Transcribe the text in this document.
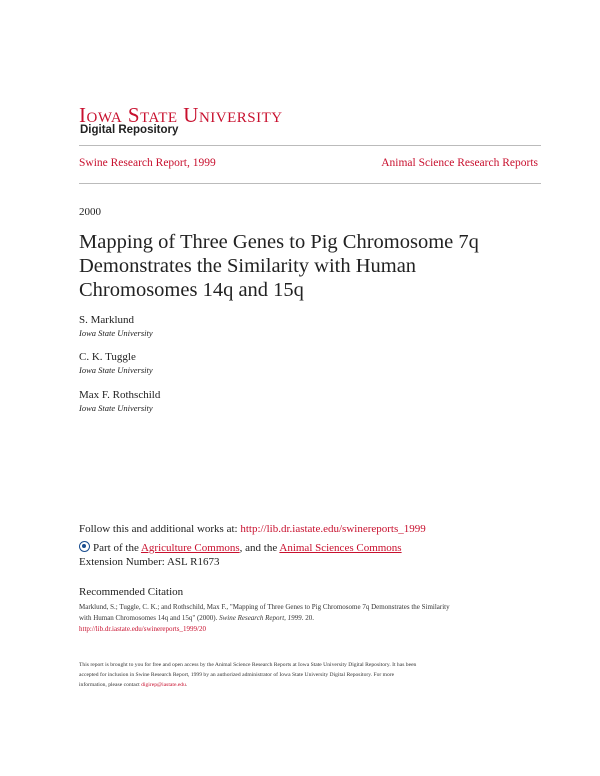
Iowa State University
Digital Repository
Swine Research Report, 1999	Animal Science Research Reports
2000
Mapping of Three Genes to Pig Chromosome 7q
Demonstrates the Similarity with Human
Chromosomes 14q and 15q
S. Marklund
Iowa State University
C. K. Tuggle
Iowa State University
Max F. Rothschild
Iowa State University
Follow this and additional works at: http://lib.dr.iastate.edu/swinereports_1999
Part of the Agriculture Commons, and the Animal Sciences Commons
Extension Number: ASL R1673
Recommended Citation
Marklund, S.; Tuggle, C. K.; and Rothschild, Max F., "Mapping of Three Genes to Pig Chromosome 7q Demonstrates the Similarity
with Human Chromosomes 14q and 15q" (2000). Swine Research Report, 1999. 20.
http://lib.dr.iastate.edu/swinereports_1999/20
This report is brought to you for free and open access by the Animal Science Research Reports at Iowa State University Digital Repository. It has been
accepted for inclusion in Swine Research Report, 1999 by an authorized administrator of Iowa State University Digital Repository. For more
information, please contact digirep@iastate.edu.
